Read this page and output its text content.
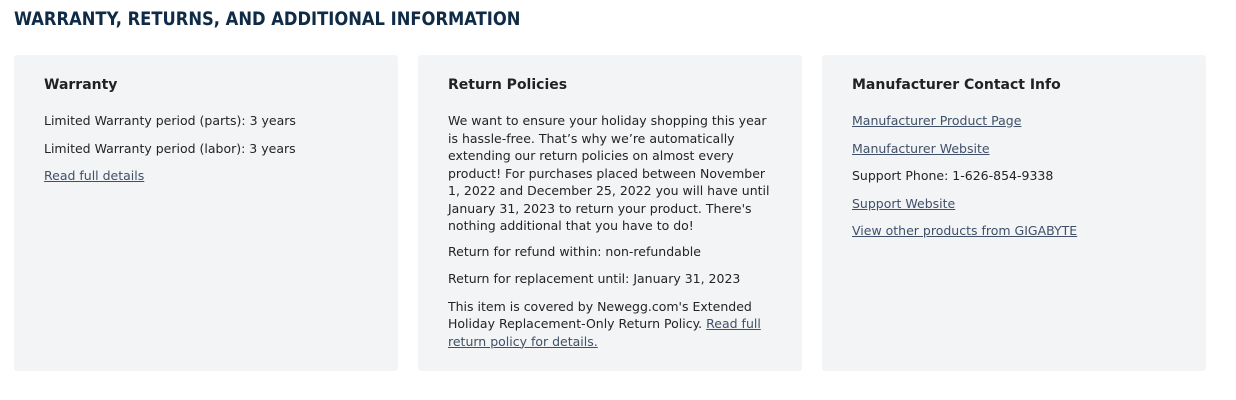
WARRANTY, RETURNS, AND ADDITIONAL INFORMATION
Warranty
Limited Warranty period (parts): 3 years
Limited Warranty period (labor): 3 years
Read full details
Return Policies
We want to ensure your holiday shopping this year is hassle-free. That’s why we’re automatically extending our return policies on almost every product! For purchases placed between November 1, 2022 and December 25, 2022 you will have until January 31, 2023 to return your product. There's nothing additional that you have to do!
Return for refund within: non-refundable
Return for replacement until: January 31, 2023
This item is covered by Newegg.com's Extended Holiday Replacement-Only Return Policy. Read full return policy for details.
Manufacturer Contact Info
Manufacturer Product Page
Manufacturer Website
Support Phone: 1-626-854-9338
Support Website
View other products from GIGABYTE
